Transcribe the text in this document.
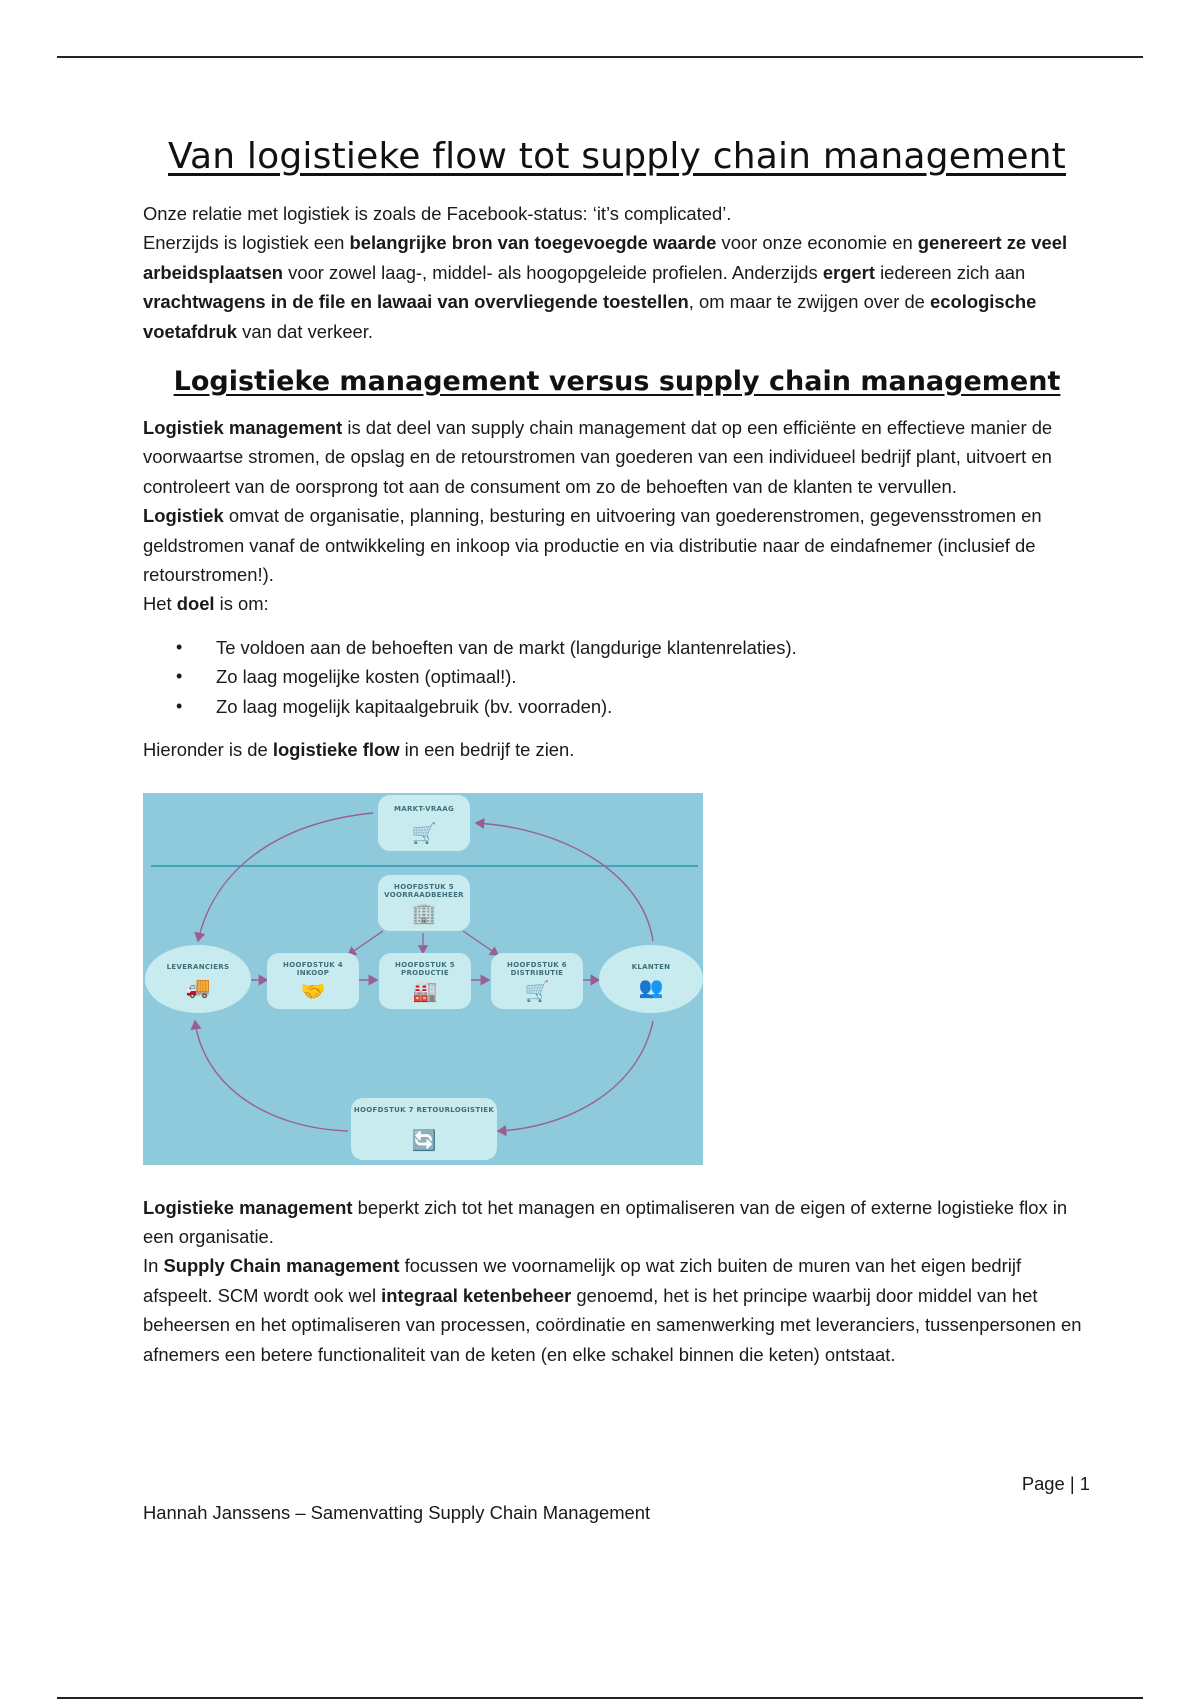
Van logistieke flow tot supply chain management

Onze relatie met logistiek is zoals de Facebook-status: ‘it’s complicated’.

Enerzijds is logistiek een belangrijke bron van toegevoegde waarde voor onze economie en genereert ze veel arbeidsplaatsen voor zowel laag-, middel- als hoogopgeleide profielen. Anderzijds ergert iedereen zich aan vrachtwagens in de file en lawaai van overvliegende toestellen, om maar te zwijgen over de ecologische voetafdruk van dat verkeer.

Logistieke management versus supply chain management

Logistiek management is dat deel van supply chain management dat op een efficiënte en effectieve manier de voorwaartse stromen, de opslag en de retourstromen van goederen van een individueel bedrijf plant, uitvoert en controleert van de oorsprong tot aan de consument om zo de behoeften van de klanten te vervullen.

Logistiek omvat de organisatie, planning, besturing en uitvoering van goederenstromen, gegevensstromen en geldstromen vanaf de ontwikkeling en inkoop via productie en via distributie naar de eindafnemer (inclusief de retourstromen!).

Het doel is om:

• Te voldoen aan de behoeften van de markt (langdurige klantenrelaties).
• Zo laag mogelijke kosten (optimaal!).
• Zo laag mogelijk kapitaalgebruik (bv. voorraden).

Hieronder is de logistieke flow in een bedrijf te zien.

MARKT-VRAAG
🛒
HOOFDSTUK 5 VOORRAADBEHEER
🏢
LEVERANCIERS
🚚
HOOFDSTUK 4 INKOOP
🤝
HOOFDSTUK 5 PRODUCTIE
🏭
HOOFDSTUK 6 DISTRIBUTIE
🛒
KLANTEN
👥
HOOFDSTUK 7 RETOURLOGISTIEK
🔄

Logistieke management beperkt zich tot het managen en optimaliseren van de eigen of externe logistieke flox in een organisatie.

In Supply Chain management focussen we voornamelijk op wat zich buiten de muren van het eigen bedrijf afspeelt. SCM wordt ook wel integraal ketenbeheer genoemd, het is het principe waarbij door middel van het beheersen en het optimaliseren van processen, coördinatie en samenwerking met leveranciers, tussenpersonen en afnemers een betere functionaliteit van de keten (en elke schakel binnen die keten) ontstaat.

Page | 1
Hannah Janssens – Samenvatting Supply Chain Management
